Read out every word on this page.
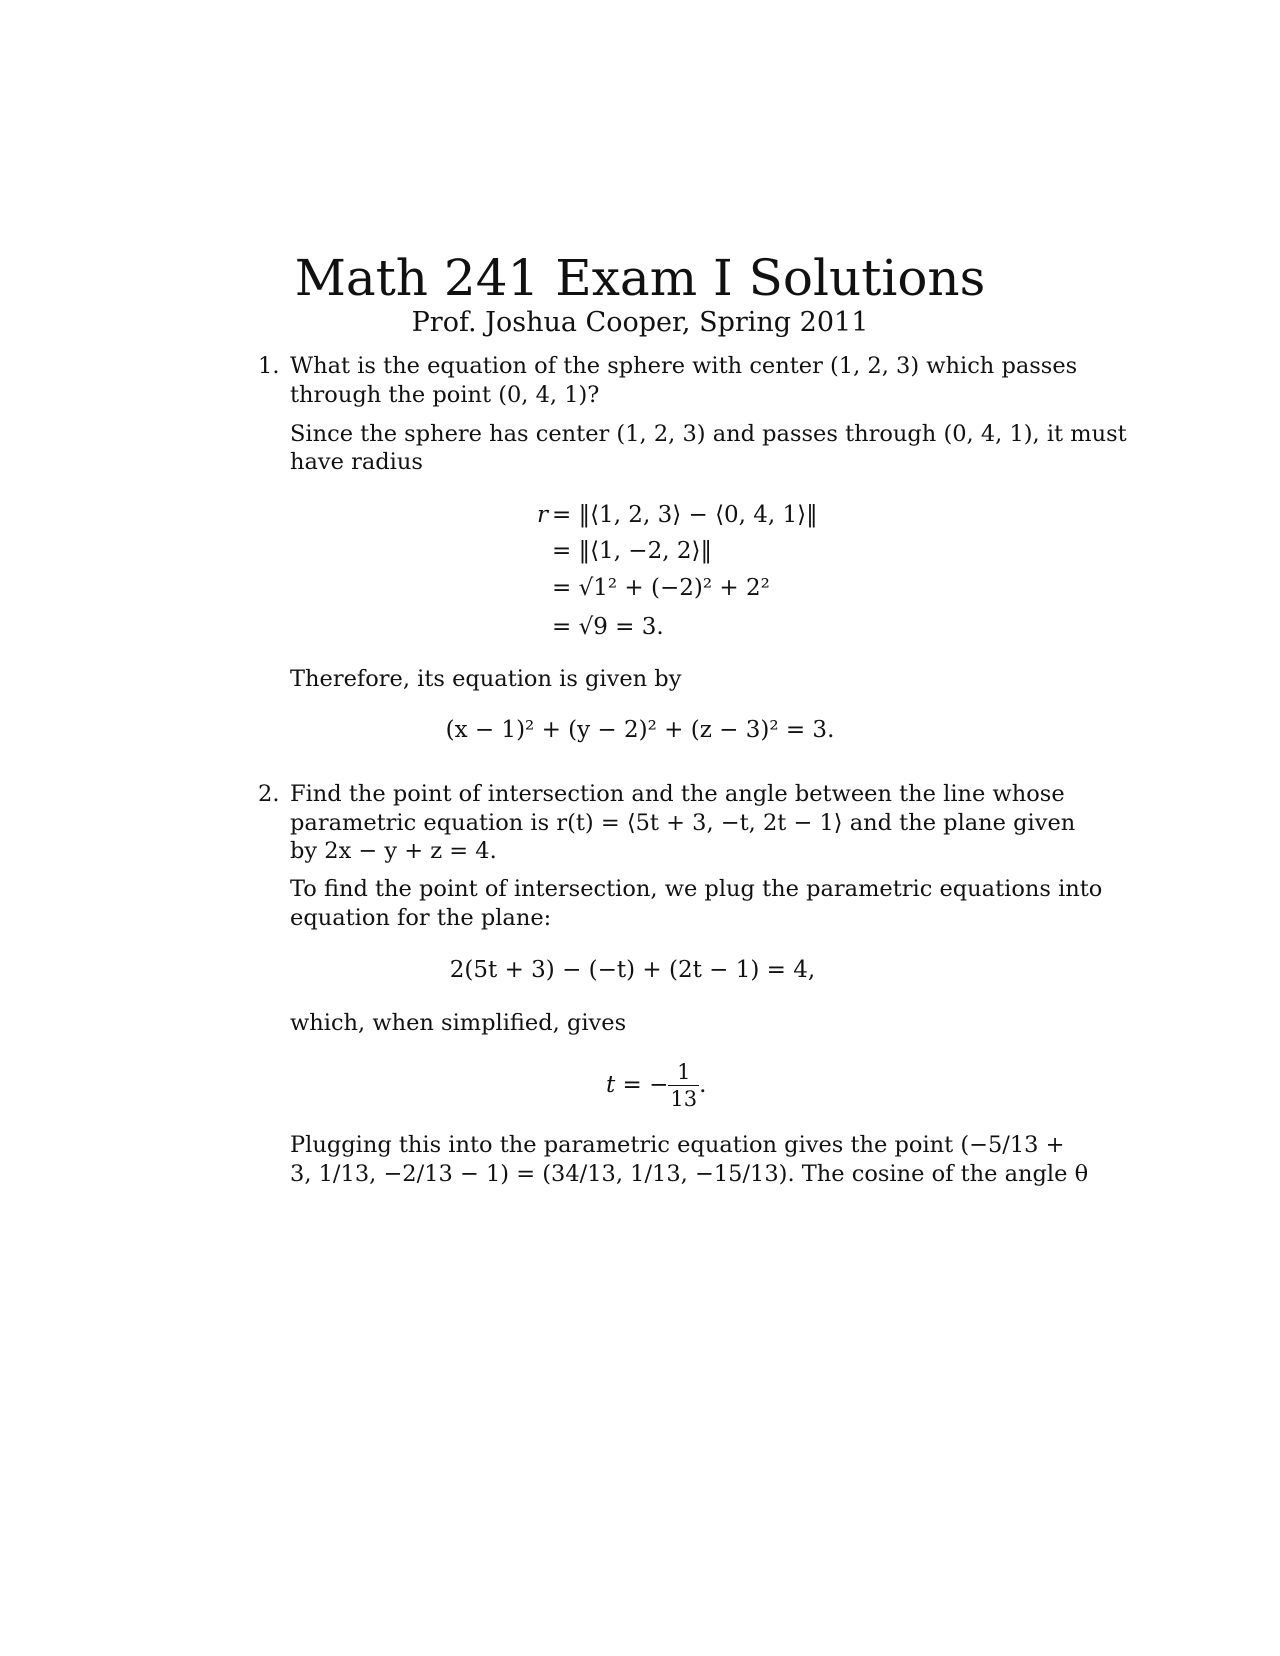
Math 241 Exam I Solutions
Prof. Joshua Cooper, Spring 2011
1. What is the equation of the sphere with center (1, 2, 3) which passes
through the point (0, 4, 1)?
Since the sphere has center (1, 2, 3) and passes through (0, 4, 1), it must
have radius
r = ‖⟨1, 2, 3⟩ − ⟨0, 4, 1⟩‖
= ‖⟨1, −2, 2⟩‖
= √1² + (−2)² + 2²
= √9 = 3.
Therefore, its equation is given by
(x − 1)² + (y − 2)² + (z − 3)² = 3.
2. Find the point of intersection and the angle between the line whose
parametric equation is r(t) = ⟨5t + 3, −t, 2t − 1⟩ and the plane given
by 2x − y + z = 4.
To find the point of intersection, we plug the parametric equations into
equation for the plane:
2(5t + 3) − (−t) + (2t − 1) = 4,
which, when simplified, gives
t = − $\frac{1}{13}$ .
Plugging this into the parametric equation gives the point (−5/13 +
3, 1/13, −2/13 − 1) = (34/13, 1/13, −15/13). The cosine of the angle θ
